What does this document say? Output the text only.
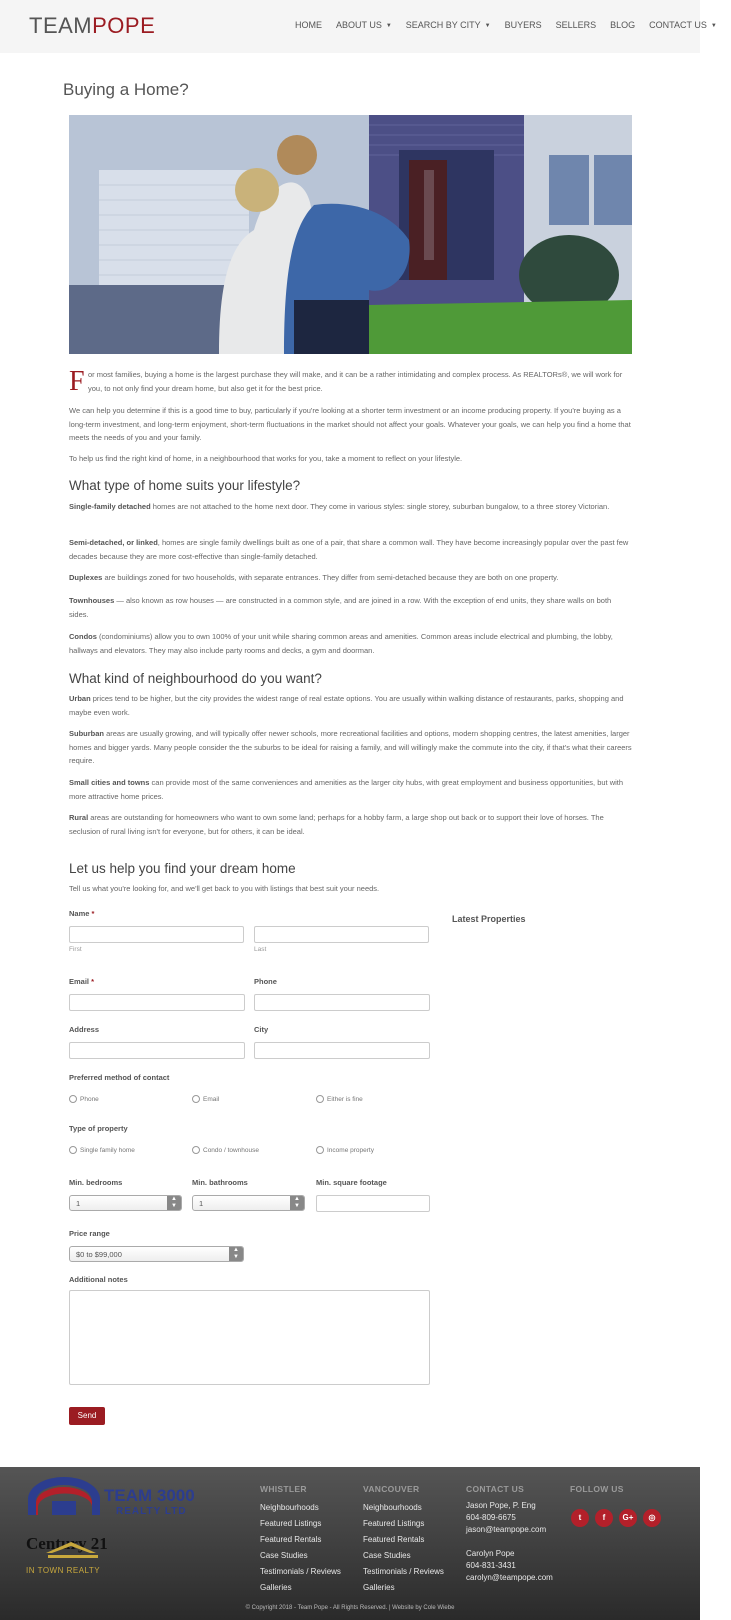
TEAMPOPE	HOME ABOUT US ▼ SEARCH BY CITY ▼ BUYERS SELLERS BLOG CONTACT US ▼
Buying a Home?
F or most families, buying a home is the largest purchase they will make, and it can be a rather intimidating and complex process. As REALTORs®, we will work for you, to not only find your dream home, but also get it for the best price.

We can help you determine if this is a good time to buy, particularly if you're looking at a shorter term investment or an income producing property. If you're buying as a long-term investment, and long-term enjoyment, short-term fluctuations in the market should not affect your goals. Whatever your goals, we can help you find a home that meets the needs of you and your family.

To help us find the right kind of home, in a neighbourhood that works for you, take a moment to reflect on your lifestyle.

What type of home suits your lifestyle?

Single-family detached homes are not attached to the home next door. They come in various styles: single storey, suburban bungalow, to a three storey Victorian.

Semi-detached, or linked, homes are single family dwellings built as one of a pair, that share a common wall. They have become increasingly popular over the past few decades because they are more cost-effective than single-family detached.

Duplexes are buildings zoned for two households, with separate entrances. They differ from semi-detached because they are both on one property.

Townhouses — also known as row houses — are constructed in a common style, and are joined in a row. With the exception of end units, they share walls on both sides.

Condos (condominiums) allow you to own 100% of your unit while sharing common areas and amenities. Common areas include electrical and plumbing, the lobby, hallways and elevators. They may also include party rooms and decks, a gym and doorman.

What kind of neighbourhood do you want?

Urban prices tend to be higher, but the city provides the widest range of real estate options. You are usually within walking distance of restaurants, parks, shopping and maybe even work.

Suburban areas are usually growing, and will typically offer newer schools, more recreational facilities and options, modern shopping centres, the latest amenities, larger homes and bigger yards. Many people consider the the suburbs to be ideal for raising a family, and will willingly make the commute into the city, if that's what their careers require.

Small cities and towns can provide most of the same conveniences and amenities as the larger city hubs, with great employment and business opportunities, but with more attractive home prices.

Rural areas are outstanding for homeowners who want to own some land; perhaps for a hobby farm, a large shop out back or to support their love of horses. The seclusion of rural living isn't for everyone, but for others, it can be ideal.

Let us help you find your dream home

Tell us what you're looking for, and we'll get back to you with listings that best suit your needs.

Name *
First	Last
Email *	Phone
Address	City
Preferred method of contact
Phone	Email	Either is fine
Type of property
Single family home	Condo / townhouse	Income property
Min. bedrooms
1	▲
▼
Min. bathrooms
1	▲
▼
Min. square footage
Price range
$0 to $99,000	▲
▼
Additional notes
Send
Latest Properties
TEAM 3000
REALTY LTD
Century 21
IN TOWN REALTY
WHISTLER
Neighbourhoods
Featured Listings
Featured Rentals
Case Studies
Testimonials / Reviews
Galleries
VANCOUVER
Neighbourhoods
Featured Listings
Featured Rentals
Case Studies
Testimonials / Reviews
Galleries
CONTACT US
Jason Pope, P. Eng
604-809-6675
jason@teampope.com
Carolyn Pope
604-831-3431
carolyn@teampope.com
FOLLOW US
t	f	G+	◎
© Copyright 2018 - Team Pope - All Rights Reserved. | Website by Cole Wiebe
